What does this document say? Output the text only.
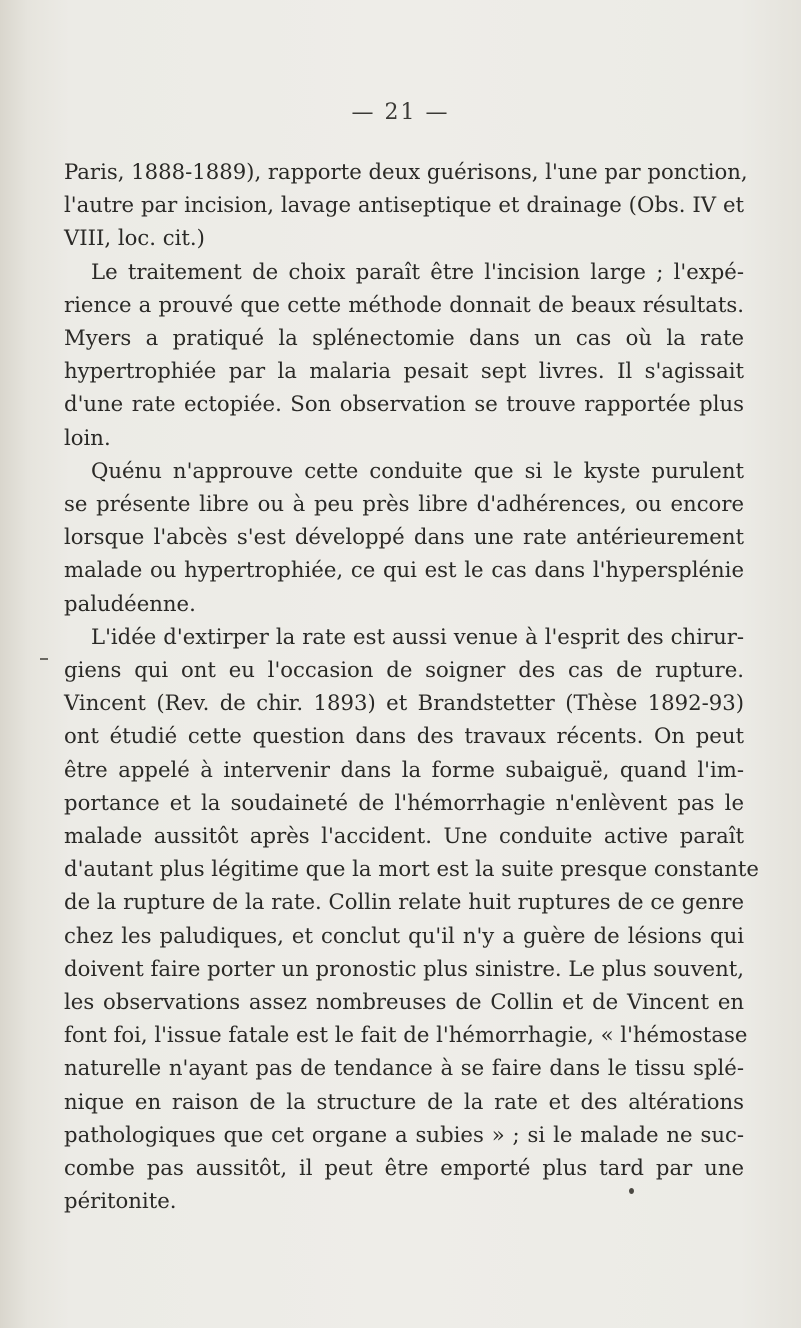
— 21 —

Paris, 1888-1889), rapporte deux guérisons, l'une par ponction,
l'autre par incision, lavage antiseptique et drainage (Obs. IV et
VIII, loc. cit.)

Le traitement de choix paraît être l'incision large ; l'expé-
rience a prouvé que cette méthode donnait de beaux résultats.
Myers a pratiqué la splénectomie dans un cas où la rate
hypertrophiée par la malaria pesait sept livres. Il s'agissait
d'une rate ectopiée. Son observation se trouve rapportée plus
loin.

Quénu n'approuve cette conduite que si le kyste purulent
se présente libre ou à peu près libre d'adhérences, ou encore
lorsque l'abcès s'est développé dans une rate antérieurement
malade ou hypertrophiée, ce qui est le cas dans l'hypersplénie
paludéenne.

L'idée d'extirper la rate est aussi venue à l'esprit des chirur-
giens qui ont eu l'occasion de soigner des cas de rupture.
Vincent (Rev. de chir. 1893) et Brandstetter (Thèse 1892-93)
ont étudié cette question dans des travaux récents. On peut
être appelé à intervenir dans la forme subaiguë, quand l'im-
portance et la soudaineté de l'hémorrhagie n'enlèvent pas le
malade aussitôt après l'accident. Une conduite active paraît
d'autant plus légitime que la mort est la suite presque constante
de la rupture de la rate. Collin relate huit ruptures de ce genre
chez les paludiques, et conclut qu'il n'y a guère de lésions qui
doivent faire porter un pronostic plus sinistre. Le plus souvent,
les observations assez nombreuses de Collin et de Vincent en
font foi, l'issue fatale est le fait de l'hémorrhagie, « l'hémostase
naturelle n'ayant pas de tendance à se faire dans le tissu splé-
nique en raison de la structure de la rate et des altérations
pathologiques que cet organe a subies » ; si le malade ne suc-
combe pas aussitôt, il peut être emporté plus tard par une
péritonite.
